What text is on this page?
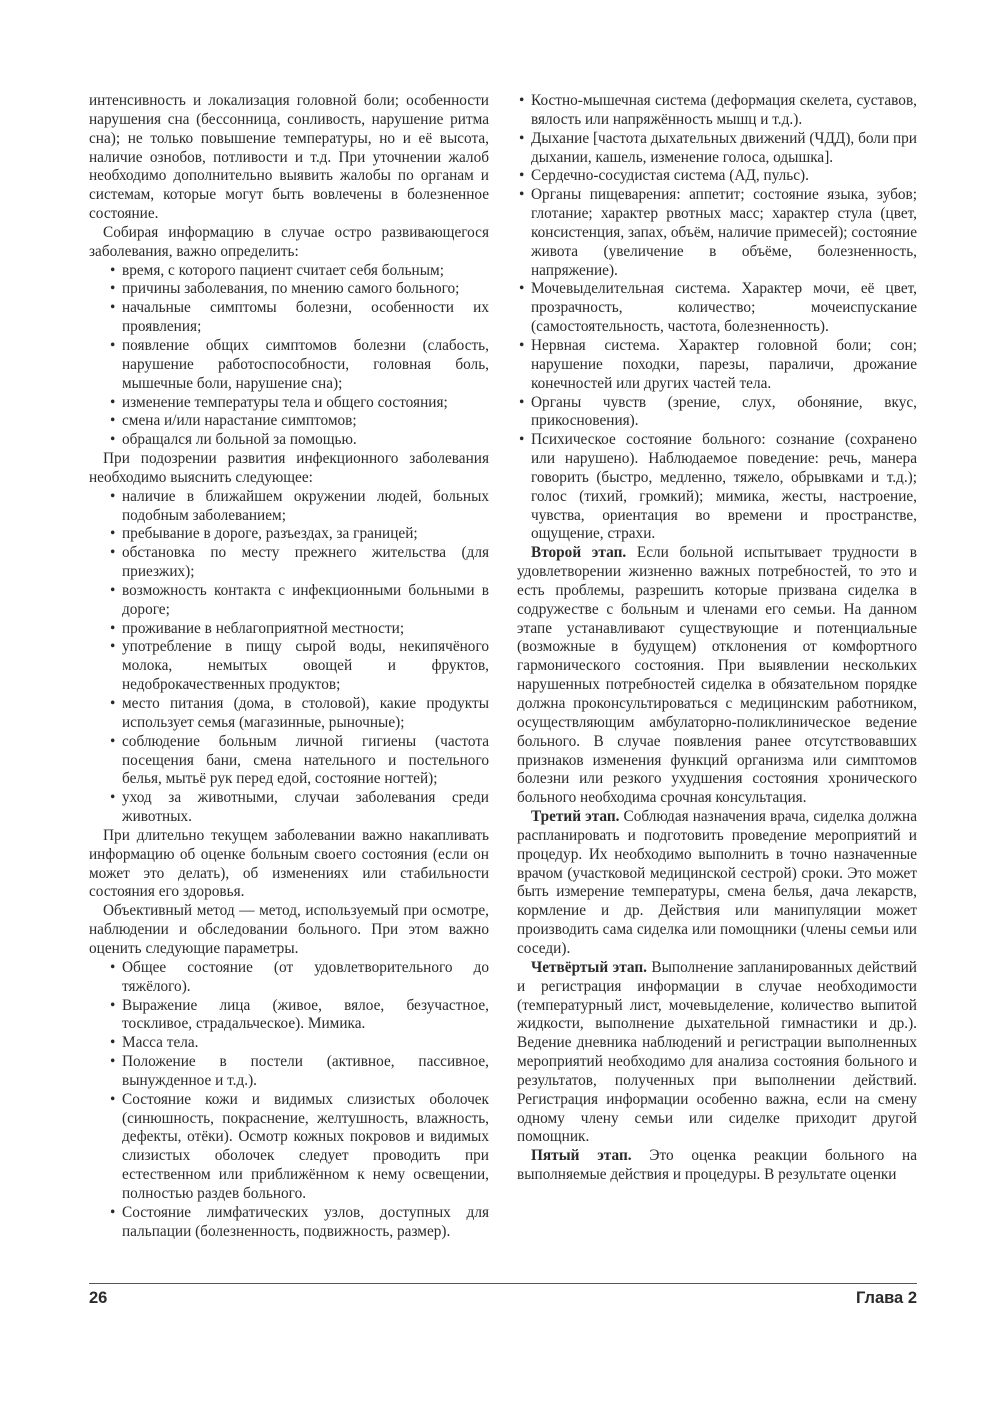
интенсивность и локализация головной боли; особенности нарушения сна (бессонница, сонливость, нарушение ритма сна); не только повышение температуры, но и её высота, наличие ознобов, потливости и т.д. При уточнении жалоб необходимо дополнительно выявить жалобы по органам и системам, которые могут быть вовлечены в болезненное состояние.

Собирая информацию в случае остро развивающегося заболевания, важно определить:

• время, с которого пациент считает себя больным;
• причины заболевания, по мнению самого больного;
• начальные симптомы болезни, особенности их проявления;
• появление общих симптомов болезни (слабость, нарушение работоспособности, головная боль, мышечные боли, нарушение сна);
• изменение температуры тела и общего состояния;
• смена и/или нарастание симптомов;
• обращался ли больной за помощью.

При подозрении развития инфекционного заболевания необходимо выяснить следующее:

• наличие в ближайшем окружении людей, больных подобным заболеванием;
• пребывание в дороге, разъездах, за границей;
• обстановка по месту прежнего жительства (для приезжих);
• возможность контакта с инфекционными больными в дороге;
• проживание в неблагоприятной местности;
• употребление в пищу сырой воды, некипячёного молока, немытых овощей и фруктов, недоброкачественных продуктов;
• место питания (дома, в столовой), какие продукты использует семья (магазинные, рыночные);
• соблюдение больным личной гигиены (частота посещения бани, смена нательного и постельного белья, мытьё рук перед едой, состояние ногтей);
• уход за животными, случаи заболевания среди животных.

При длительно текущем заболевании важно накапливать информацию об оценке больным своего состояния (если он может это делать), об изменениях или стабильности состояния его здоровья.

Объективный метод — метод, используемый при осмотре, наблюдении и обследовании больного. При этом важно оценить следующие параметры.

• Общее состояние (от удовлетворительного до тяжёлого).
• Выражение лица (живое, вялое, безучастное, тоскливое, страдальческое). Мимика.
• Масса тела.
• Положение в постели (активное, пассивное, вынужденное и т.д.).
• Состояние кожи и видимых слизистых оболочек (синюшность, покраснение, желтушность, влажность, дефекты, отёки). Осмотр кожных покровов и видимых слизистых оболочек следует проводить при естественном или приближённом к нему освещении, полностью раздев больного.
• Состояние лимфатических узлов, доступных для пальпации (болезненность, подвижность, размер).
• Костно-мышечная система (деформация скелета, суставов, вялость или напряжённость мышц и т.д.).
• Дыхание [частота дыхательных движений (ЧДД), боли при дыхании, кашель, изменение голоса, одышка].
• Сердечно-сосудистая система (АД, пульс).
• Органы пищеварения: аппетит; состояние языка, зубов; глотание; характер рвотных масс; характер стула (цвет, консистенция, запах, объём, наличие примесей); состояние живота (увеличение в объёме, болезненность, напряжение).
• Мочевыделительная система. Характер мочи, её цвет, прозрачность, количество; мочеиспускание (самостоятельность, частота, болезненность).
• Нервная система. Характер головной боли; сон; нарушение походки, парезы, параличи, дрожание конечностей или других частей тела.
• Органы чувств (зрение, слух, обоняние, вкус, прикосновения).
• Психическое состояние больного: сознание (сохранено или нарушено). Наблюдаемое поведение: речь, манера говорить (быстро, медленно, тяжело, обрывками и т.д.); голос (тихий, громкий); мимика, жесты, настроение, чувства, ориентация во времени и пространстве, ощущение, страхи.

Второй этап. Если больной испытывает трудности в удовлетворении жизненно важных потребностей, то это и есть проблемы, разрешить которые призвана сиделка в содружестве с больным и членами его семьи. На данном этапе устанавливают существующие и потенциальные (возможные в будущем) отклонения от комфортного гармонического состояния. При выявлении нескольких нарушенных потребностей сиделка в обязательном порядке должна проконсультироваться с медицинским работником, осуществляющим амбулаторно-поликлиническое ведение больного. В случае появления ранее отсутствовавших признаков изменения функций организма или симптомов болезни или резкого ухудшения состояния хронического больного необходима срочная консультация.

Третий этап. Соблюдая назначения врача, сиделка должна распланировать и подготовить проведение мероприятий и процедур. Их необходимо выполнить в точно назначенные врачом (участковой медицинской сестрой) сроки. Это может быть измерение температуры, смена белья, дача лекарств, кормление и др. Действия или манипуляции может производить сама сиделка или помощники (члены семьи или соседи).

Четвёртый этап. Выполнение запланированных действий и регистрация информации в случае необходимости (температурный лист, мочевыделение, количество выпитой жидкости, выполнение дыхательной гимнастики и др.). Ведение дневника наблюдений и регистрации выполненных мероприятий необходимо для анализа состояния больного и результатов, полученных при выполнении действий. Регистрация информации особенно важна, если на смену одному члену семьи или сиделке приходит другой помощник.

Пятый этап. Это оценка реакции больного на выполняемые действия и процедуры. В результате оценки

26	Глава 2
